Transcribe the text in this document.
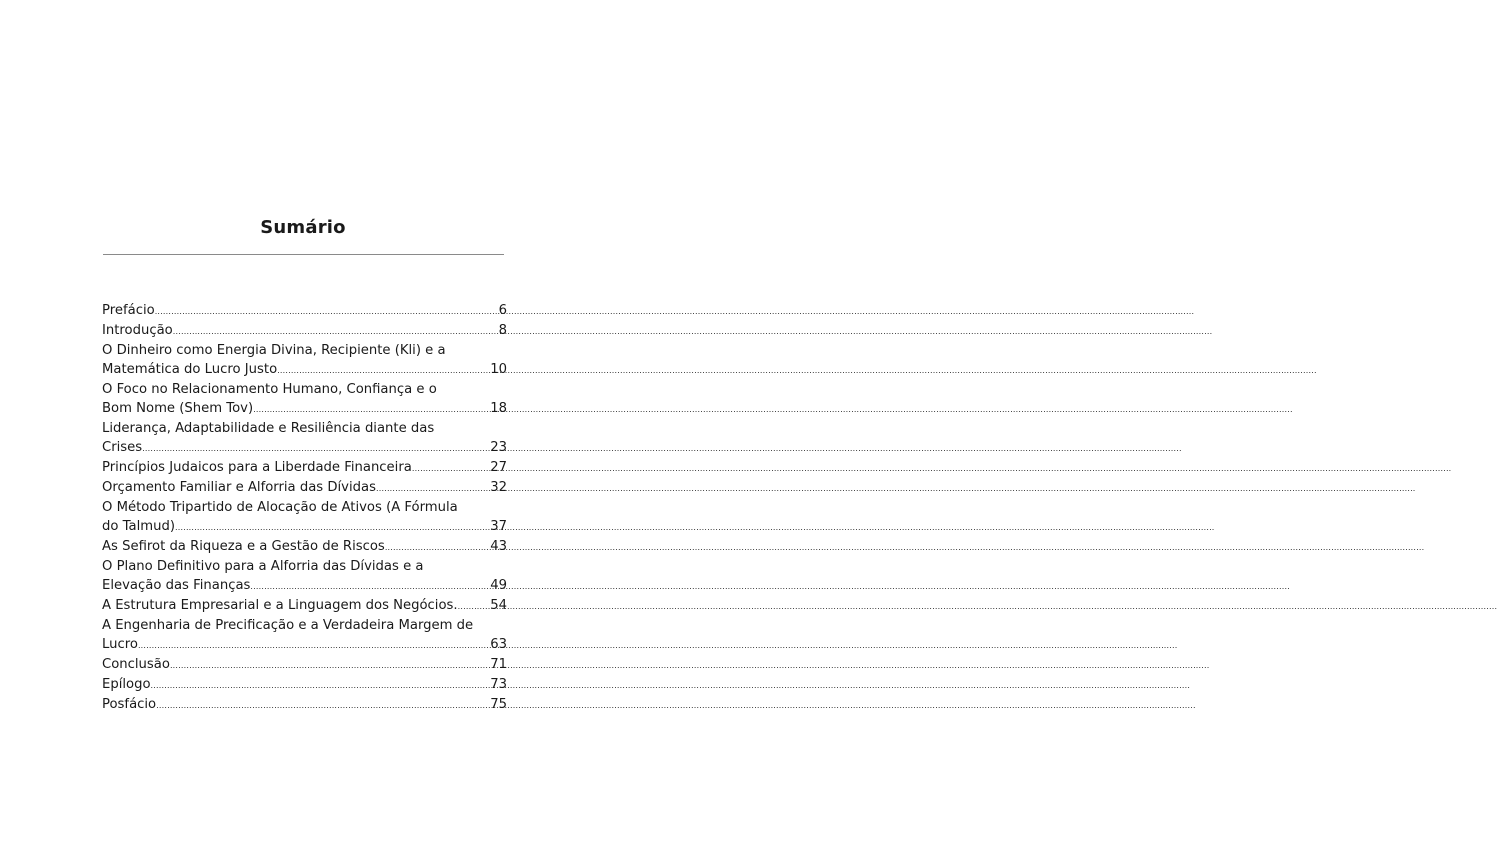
Sumário
Prefácio .....	6
Introdução .....	8
O Dinheiro como Energia Divina, Recipiente (Kli) e a
Matemática do Lucro Justo .....	10
O Foco no Relacionamento Humano, Confiança e o
Bom Nome (Shem Tov) .....	18
Liderança, Adaptabilidade e Resiliência diante das
Crises .....	23
Princípios Judaicos para a Liberdade Financeira .....	27
Orçamento Familiar e Alforria das Dívidas .....	32
O Método Tripartido de Alocação de Ativos (A Fórmula
do Talmud) .....	37
As Sefirot da Riqueza e a Gestão de Riscos .....	43
O Plano Definitivo para a Alforria das Dívidas e a
Elevação das Finanças .....	49
A Estrutura Empresarial e a Linguagem dos Negócios. ..... 54
A Engenharia de Precificação e a Verdadeira Margem de
Lucro .....	63
Conclusão .....	71
Epílogo .....	73
Posfácio .....	75
